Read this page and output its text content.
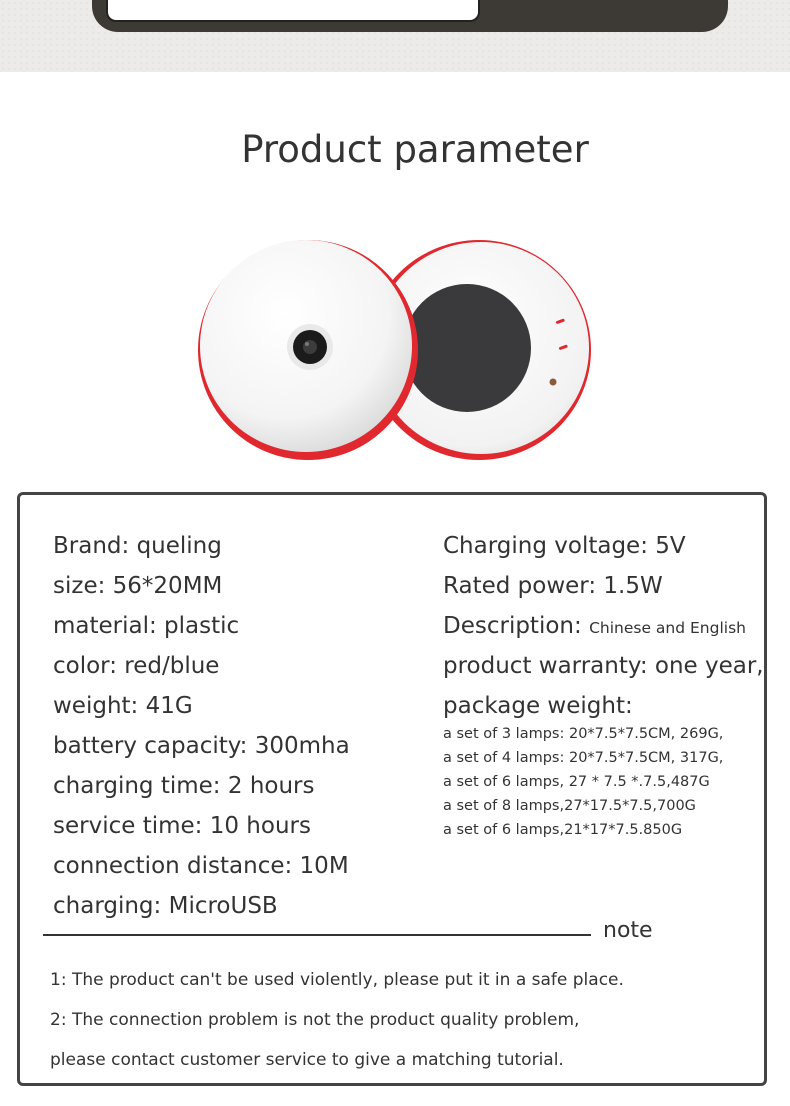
Product parameter
Brand: queling
size: 56*20MM
material: plastic
color: red/blue
weight: 41G
battery capacity: 300mha
charging time: 2 hours
service time: 10 hours
connection distance: 10M
charging: MicroUSB
Charging voltage: 5V
Rated power: 1.5W
Description: Chinese and English
product warranty: one year,
package weight:
a set of 3 lamps: 20*7.5*7.5CM, 269G,
a set of 4 lamps: 20*7.5*7.5CM, 317G,
a set of 6 lamps, 27 * 7.5 *.7.5,487G
a set of 8 lamps,27*17.5*7.5,700G
a set of 6 lamps,21*17*7.5.850G
note
1: The product can't be used violently, please put it in a safe place.
2: The connection problem is not the product quality problem,
please contact customer service to give a matching tutorial.
